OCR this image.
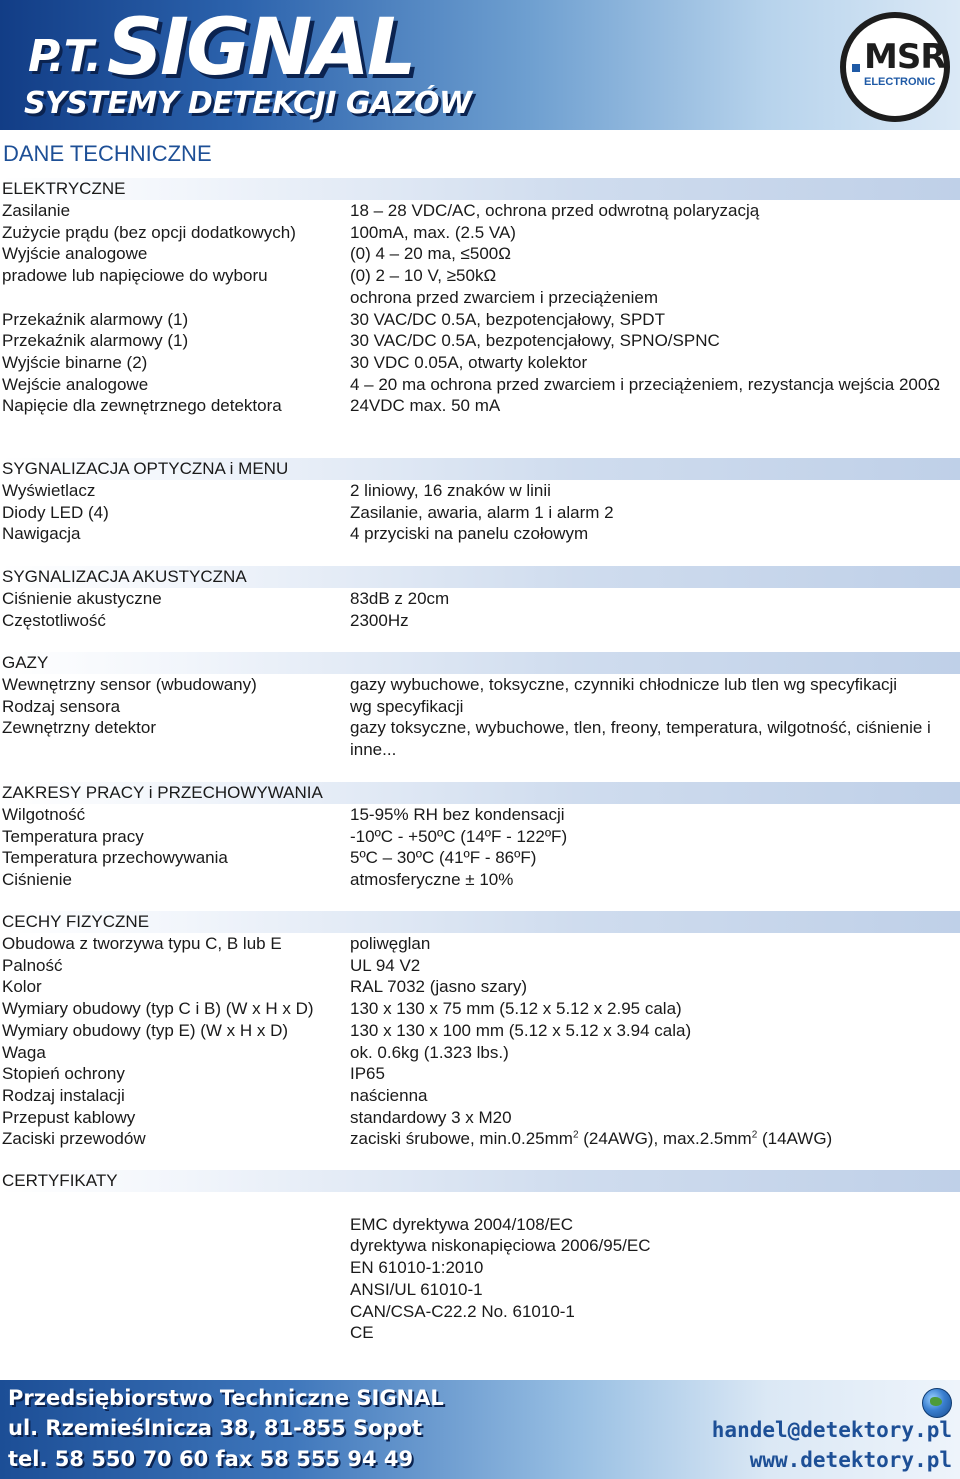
P.T. SIGNAL
SYSTEMY DETEKCJI GAZÓW
MSR
ELECTRONIC
DANE TECHNICZNE
ELEKTRYCZNE
Zasilanie	18 – 28 VDC/AC, ochrona przed odwrotną polaryzacją
Zużycie prądu (bez opcji dodatkowych)	100mA, max. (2.5 VA)
Wyjście analogowe	(0) 4 – 20 ma, ≤500Ω
pradowe lub napięciowe do wyboru	(0) 2 – 10 V, ≥50kΩ
ochrona przed zwarciem i przeciążeniem
Przekaźnik alarmowy (1)	30 VAC/DC 0.5A, bezpotencjałowy, SPDT
Przekaźnik alarmowy (1)	30 VAC/DC 0.5A, bezpotencjałowy, SPNO/SPNC
Wyjście binarne (2)	30 VDC 0.05A, otwarty kolektor
Wejście analogowe	4 – 20 ma ochrona przed zwarciem i przeciążeniem, rezystancja wejścia 200Ω
Napięcie dla zewnętrznego detektora	24VDC max. 50 mA
SYGNALIZACJA OPTYCZNA i MENU
Wyświetlacz	2 liniowy, 16 znaków w linii
Diody LED (4)	Zasilanie, awaria, alarm 1 i alarm 2
Nawigacja	4 przyciski na panelu czołowym
SYGNALIZACJA AKUSTYCZNA
Ciśnienie akustyczne	83dB z 20cm
Częstotliwość	2300Hz
GAZY
Wewnętrzny sensor (wbudowany)	gazy wybuchowe, toksyczne, czynniki chłodnicze lub tlen wg specyfikacji
Rodzaj sensora	wg specyfikacji
Zewnętrzny detektor	gazy toksyczne, wybuchowe, tlen, freony, temperatura, wilgotność, ciśnienie i inne...
ZAKRESY PRACY i PRZECHOWYWANIA
Wilgotność	15-95% RH bez kondensacji
Temperatura pracy	-10ºC - +50ºC (14ºF - 122ºF)
Temperatura przechowywania	5ºC – 30ºC (41ºF - 86ºF)
Ciśnienie	atmosferyczne ± 10%
CECHY FIZYCZNE
Obudowa z tworzywa typu C, B lub E	poliwęglan
Palność	UL 94 V2
Kolor	RAL 7032 (jasno szary)
Wymiary obudowy (typ C i B) (W x H x D)	130 x 130 x 75 mm (5.12 x 5.12 x 2.95 cala)
Wymiary obudowy (typ E) (W x H x D)	130 x 130 x 100 mm (5.12 x 5.12 x 3.94 cala)
Waga	ok. 0.6kg (1.323 lbs.)
Stopień ochrony	IP65
Rodzaj instalacji	naścienna
Przepust kablowy	standardowy 3 x M20
Zaciski przewodów	zaciski śrubowe, $\min.0.25mm^2$ (24AWG), $\max.2.5mm^2$ (14AWG)
CERTYFIKATY
EMC dyrektywa 2004/108/EC
dyrektywa niskonapięciowa 2006/95/EC
EN 61010-1:2010
ANSI/UL 61010-1
CAN/CSA-C22.2 No. 61010-1
CE
Przedsiębiorstwo Techniczne SIGNAL
ul. Rzemieślnicza 38, 81-855 Sopot
tel. 58 550 70 60 fax 58 555 94 49
handel@detektory.pl
www.detektory.pl
